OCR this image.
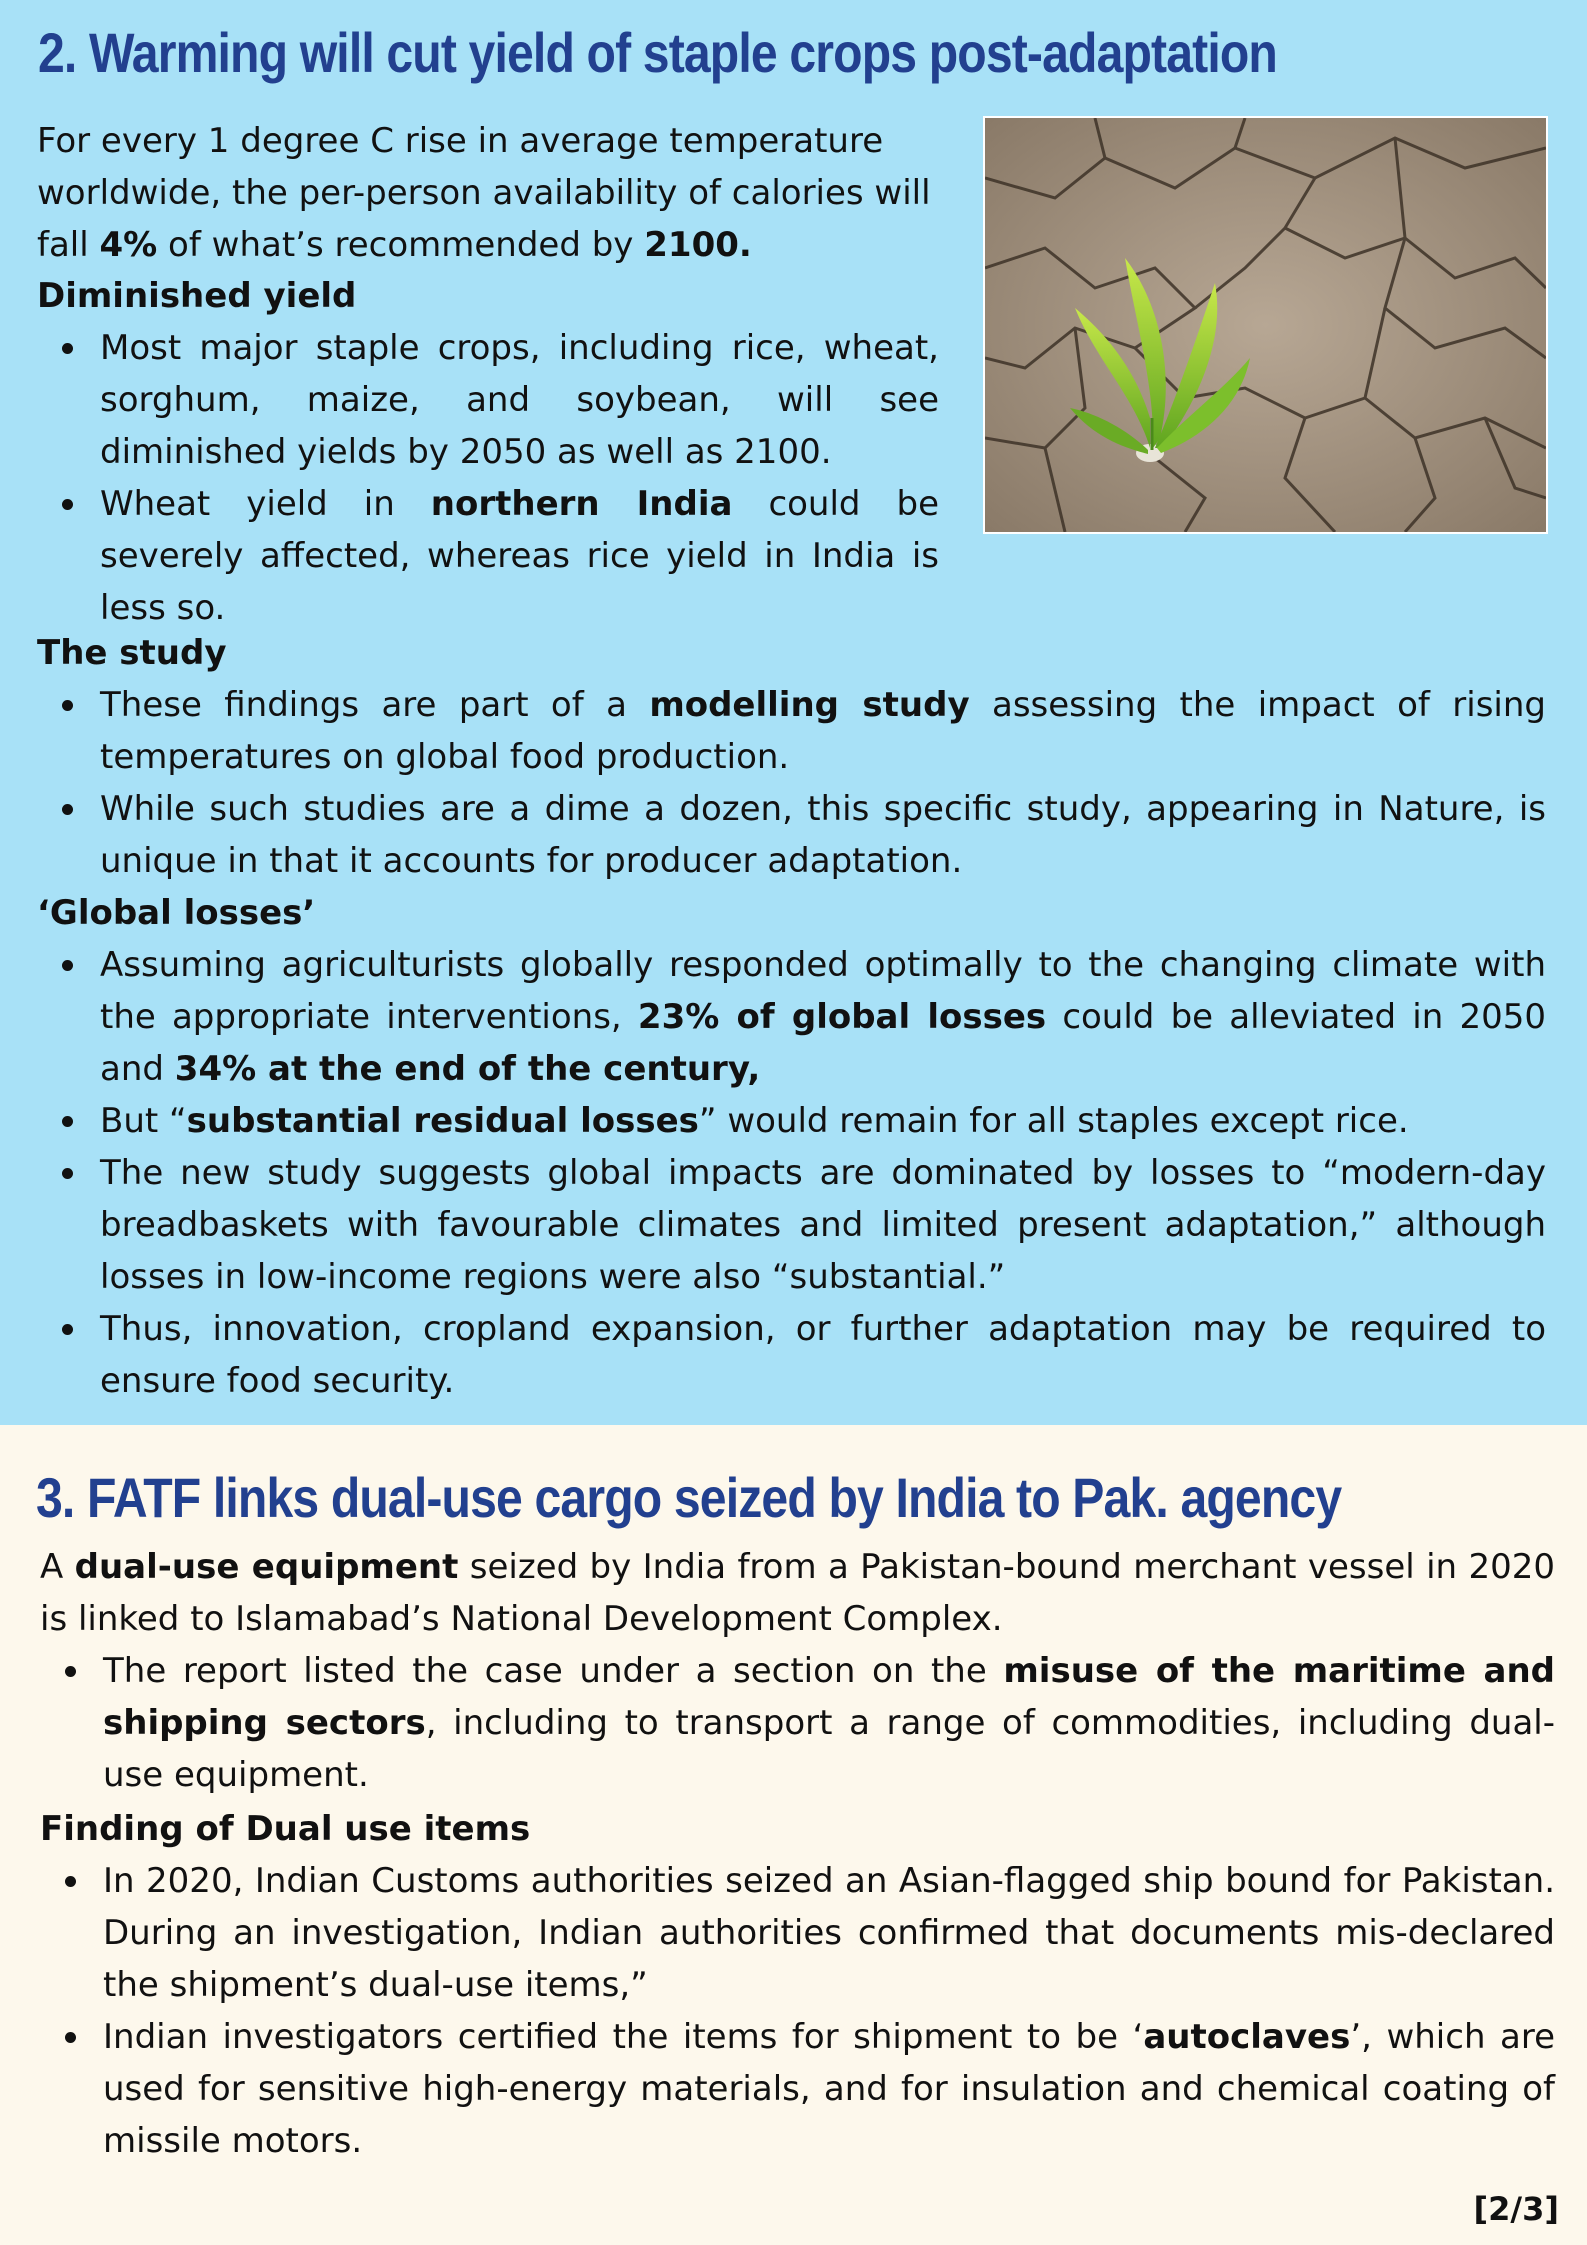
2. Warming will cut yield of staple crops post-adaptation
For every 1 degree C rise in average temperature worldwide, the per-person availability of calories will fall 4% of what’s recommended by 2100.
Diminished yield
Most major staple crops, including rice, wheat, sorghum, maize, and soybean, will see diminished yields by 2050 as well as 2100.
Wheat yield in northern India could be severely affected, whereas rice yield in India is less so.
The study
These findings are part of a modelling study assessing the impact of rising temperatures on global food production.
While such studies are a dime a dozen, this specific study, appearing in Nature, is unique in that it accounts for producer adaptation.
‘Global losses’
Assuming agriculturists globally responded optimally to the changing climate with the appropriate interventions, 23% of global losses could be alleviated in 2050 and 34% at the end of the century,
But “substantial residual losses” would remain for all staples except rice.
The new study suggests global impacts are dominated by losses to “modern-day breadbaskets with favourable climates and limited present adaptation,” although losses in low-income regions were also “substantial.”
Thus, innovation, cropland expansion, or further adaptation may be required to ensure food security.
3. FATF links dual-use cargo seized by India to Pak. agency
A dual-use equipment seized by India from a Pakistan-bound merchant vessel in 2020 is linked to Islamabad’s National Development Complex.
The report listed the case under a section on the misuse of the maritime and shipping sectors, including to transport a range of commodities, including dual-use equipment.
Finding of Dual use items
In 2020, Indian Customs authorities seized an Asian-flagged ship bound for Pakistan. During an investigation, Indian authorities confirmed that documents mis-declared the shipment’s dual-use items,”
Indian investigators certified the items for shipment to be ‘autoclaves’, which are used for sensitive high-energy materials, and for insulation and chemical coating of missile motors.
[2/3]
